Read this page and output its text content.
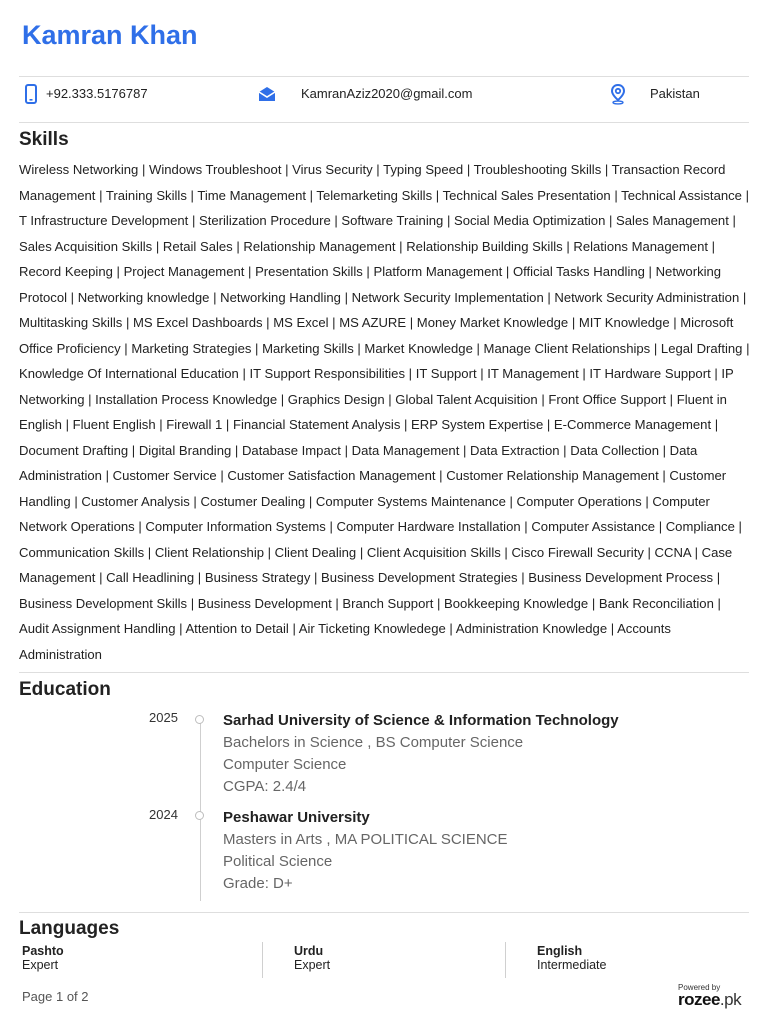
Kamran Khan
+92.333.5176787	KamranAziz2020@gmail.com	Pakistan
Skills

Wireless Networking | Windows Troubleshoot | Virus Security | Typing Speed | Troubleshooting Skills | Transaction Record Management | Training Skills | Time Management | Telemarketing Skills | Technical Sales Presentation | Technical Assistance | T Infrastructure Development | Sterilization Procedure | Software Training | Social Media Optimization | Sales Management | Sales Acquisition Skills | Retail Sales | Relationship Management | Relationship Building Skills | Relations Management | Record Keeping | Project Management | Presentation Skills | Platform Management | Official Tasks Handling | Networking Protocol | Networking knowledge | Networking Handling | Network Security Implementation | Network Security Administration | Multitasking Skills | MS Excel Dashboards | MS Excel | MS AZURE | Money Market Knowledge | MIT Knowledge | Microsoft Office Proficiency | Marketing Strategies | Marketing Skills | Market Knowledge | Manage Client Relationships | Legal Drafting | Knowledge Of International Education | IT Support Responsibilities | IT Support | IT Management | IT Hardware Support | IP Networking | Installation Process Knowledge | Graphics Design | Global Talent Acquisition | Front Office Support | Fluent in English | Fluent English | Firewall 1 | Financial Statement Analysis | ERP System Expertise | E-Commerce Management | Document Drafting | Digital Branding | Database Impact | Data Management | Data Extraction | Data Collection | Data Administration | Customer Service | Customer Satisfaction Management | Customer Relationship Management | Customer Handling | Customer Analysis | Costumer Dealing | Computer Systems Maintenance | Computer Operations | Computer Network Operations | Computer Information Systems | Computer Hardware Installation | Computer Assistance | Compliance | Communication Skills | Client Relationship | Client Dealing | Client Acquisition Skills | Cisco Firewall Security | CCNA | Case Management | Call Headlining | Business Strategy | Business Development Strategies | Business Development Process | Business Development Skills | Business Development | Branch Support | Bookkeeping Knowledge | Bank Reconciliation | Audit Assignment Handling | Attention to Detail | Air Ticketing Knowledege | Administration Knowledge | Accounts Administration

Education
2025	Sarhad University of Science & Information Technology
Bachelors in Science , BS Computer Science
Computer Science
CGPA: 2.4/4
2024	Peshawar University
Masters in Arts , MA POLITICAL SCIENCE
Political Science
Grade: D+
Languages
Pashto
Expert
Urdu
Expert
English
Intermediate
Page 1 of 2
Powered by
rozee.pk
